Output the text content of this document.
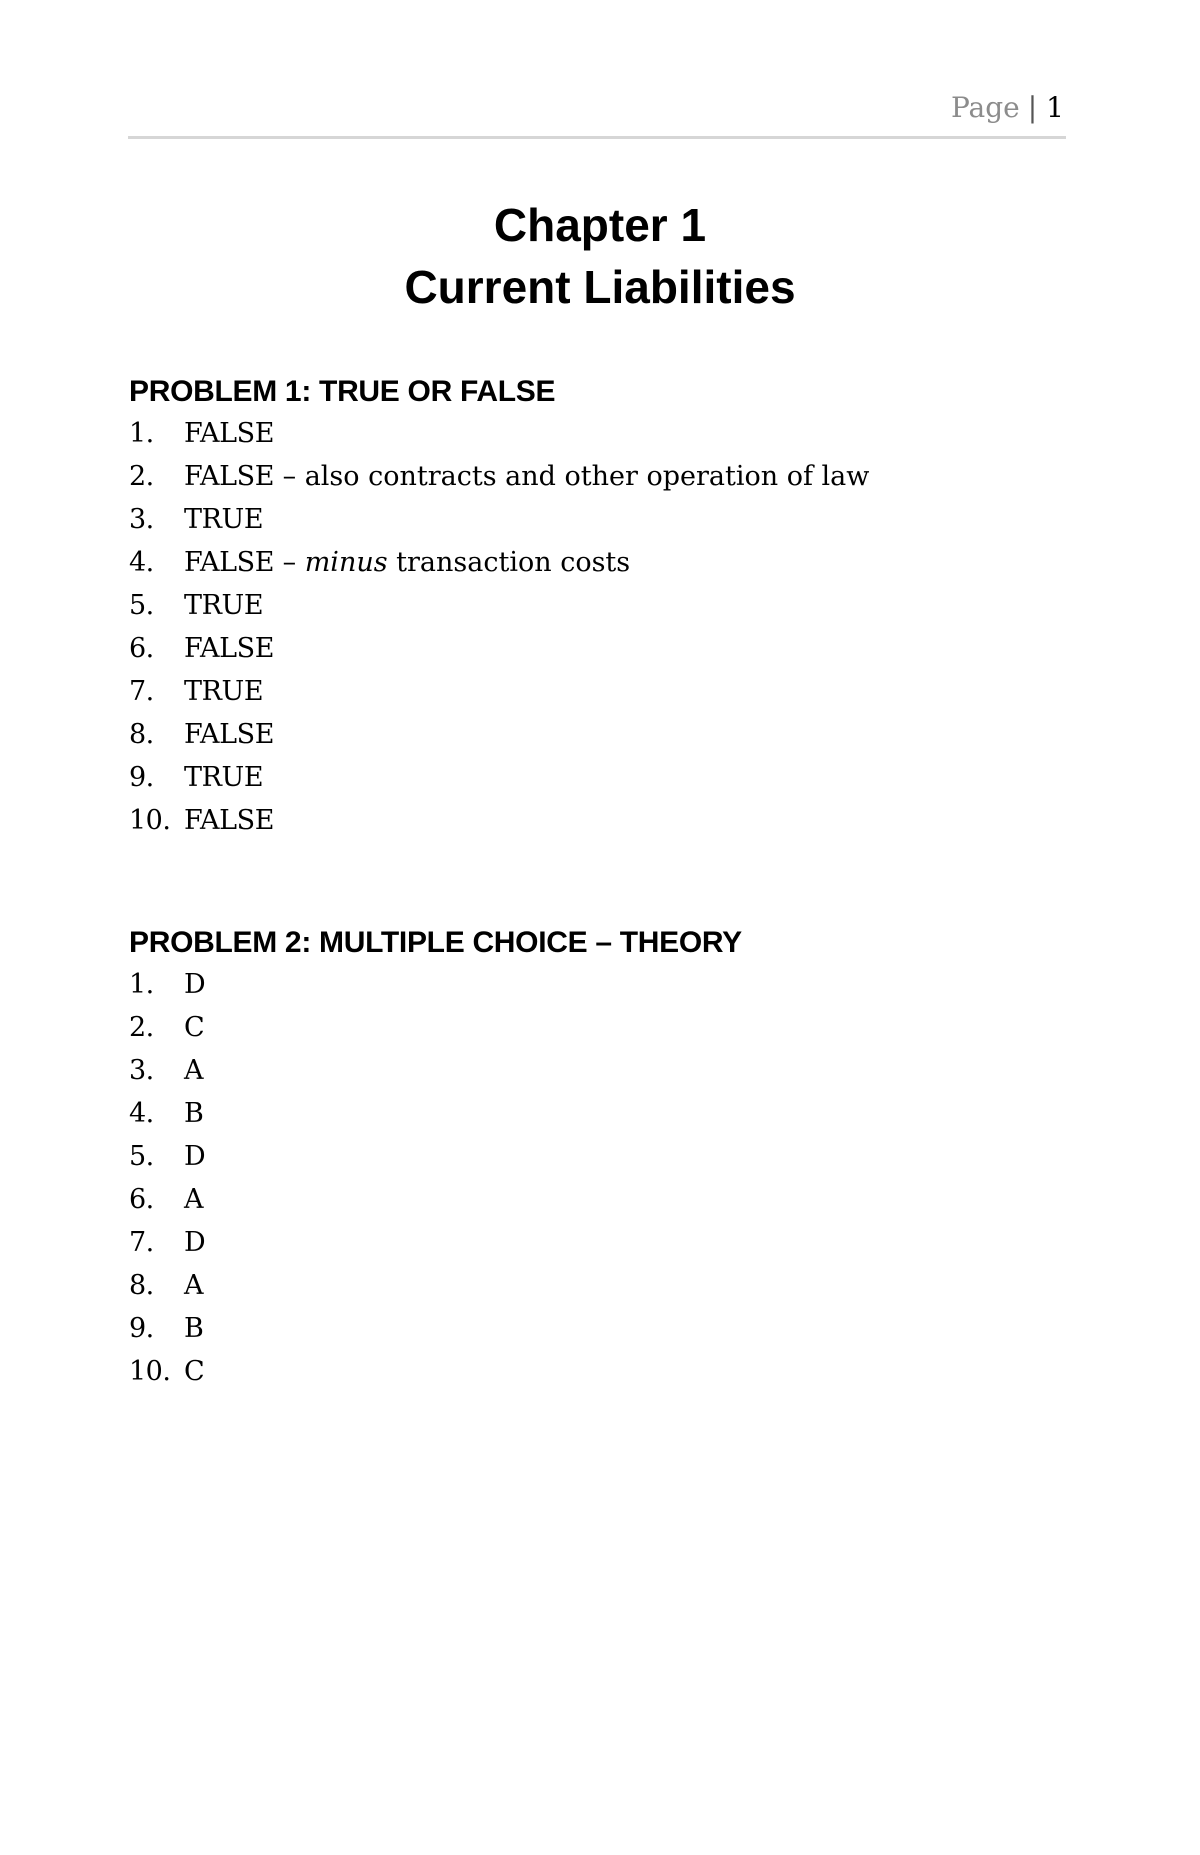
Page | 1
Chapter 1
Current Liabilities
PROBLEM 1: TRUE OR FALSE
1.	FALSE
2.	FALSE – also contracts and other operation of law
3.	TRUE
4.	FALSE – minus transaction costs
5.	TRUE
6.	FALSE
7.	TRUE
8.	FALSE
9.	TRUE
10. FALSE
PROBLEM 2: MULTIPLE CHOICE – THEORY
1.	D
2.	C
3.	A
4.	B
5.	D
6.	A
7.	D
8.	A
9.	B
10. C
